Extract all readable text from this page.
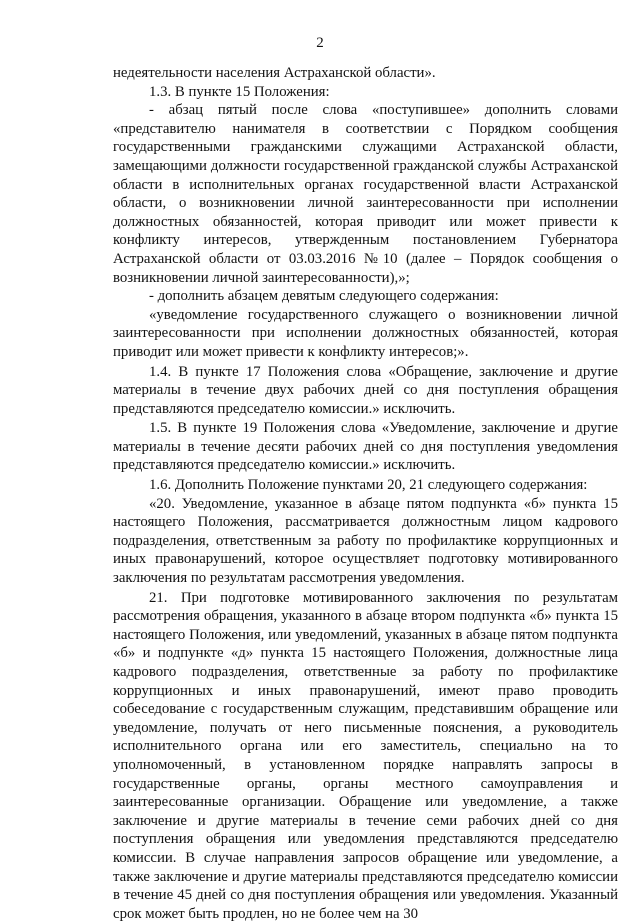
2

недеятельности населения Астраханской области».

1.3. В пункте 15 Положения:

- абзац пятый после слова «поступившее» дополнить словами «представителю нанимателя в соответствии с Порядком сообщения государственными гражданскими служащими Астраханской области, замещающими должности государственной гражданской службы Астраханской области в исполнительных органах государственной власти Астраханской области, о возникновении личной заинтересованности при исполнении должностных обязанностей, которая приводит или может привести к конфликту интересов, утвержденным постановлением Губернатора Астраханской области от 03.03.2016 №10 (далее – Порядок сообщения о возникновении личной заинтересованности),»;

- дополнить абзацем девятым следующего содержания:

«уведомление государственного служащего о возникновении личной заинтересованности при исполнении должностных обязанностей, которая приводит или может привести к конфликту интересов;».

1.4. В пункте 17 Положения слова «Обращение, заключение и другие материалы в течение двух рабочих дней со дня поступления обращения представляются председателю комиссии.» исключить.

1.5. В пункте 19 Положения слова «Уведомление, заключение и другие материалы в течение десяти рабочих дней со дня поступления уведомления представляются председателю комиссии.» исключить.

1.6. Дополнить Положение пунктами 20, 21 следующего содержания:

«20. Уведомление, указанное в абзаце пятом подпункта «б» пункта 15 настоящего Положения, рассматривается должностным лицом кадрового подразделения, ответственным за работу по профилактике коррупционных и иных правонарушений, которое осуществляет подготовку мотивированного заключения по результатам рассмотрения уведомления.

21. При подготовке мотивированного заключения по результатам рассмотрения обращения, указанного в абзаце втором подпункта «б» пункта 15 настоящего Положения, или уведомлений, указанных в абзаце пятом подпункта «б» и подпункте «д» пункта 15 настоящего Положения, должностные лица кадрового подразделения, ответственные за работу по профилактике коррупционных и иных правонарушений, имеют право проводить собеседование с государственным служащим, представившим обращение или уведомление, получать от него письменные пояснения, а руководитель исполнительного органа или его заместитель, специально на то уполномоченный, в установленном порядке направлять запросы в государственные органы, органы местного самоуправления и заинтересованные организации. Обращение или уведомление, а также заключение и другие материалы в течение семи рабочих дней со дня поступления обращения или уведомления представляются председателю комиссии. В случае направления запросов обращение или уведомление, а также заключение и другие материалы представляются председателю комиссии в течение 45 дней со дня поступления обращения или уведомления. Указанный срок может быть продлен, но не более чем на 30
